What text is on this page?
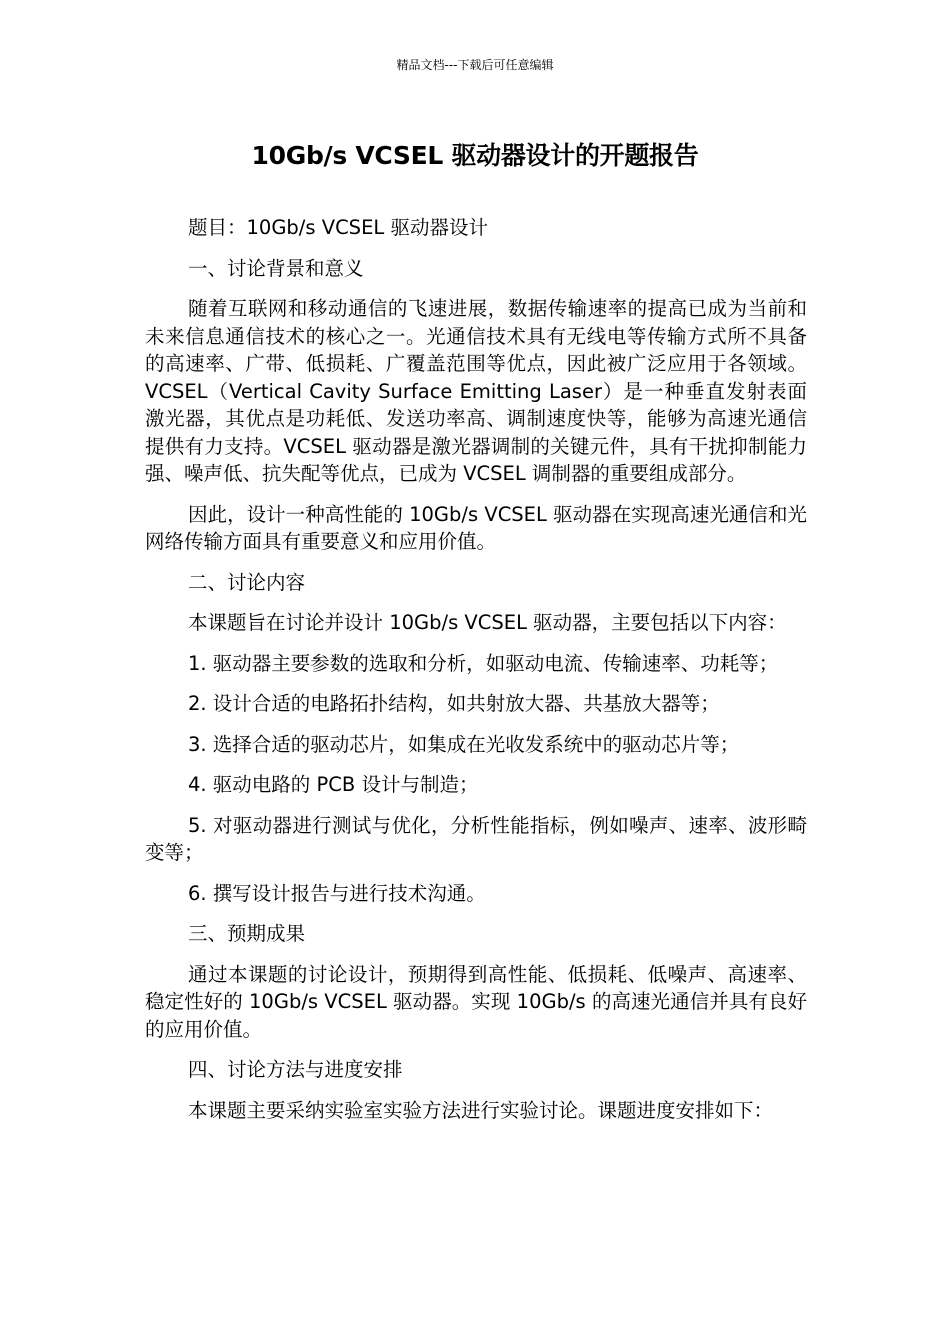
精品文档---下载后可任意编辑
10Gb/s VCSEL 驱动器设计的开题报告

题目：10Gb/s VCSEL 驱动器设计

一、讨论背景和意义

随着互联网和移动通信的飞速进展，数据传输速率的提高已成为当前和未来信息通信技术的核心之一。光通信技术具有无线电等传输方式所不具备的高速率、广带、低损耗、广覆盖范围等优点，因此被广泛应用于各领域。VCSEL（Vertical Cavity Surface Emitting Laser）是一种垂直发射表面激光器，其优点是功耗低、发送功率高、调制速度快等，能够为高速光通信提供有力支持。VCSEL 驱动器是激光器调制的关键元件，具有干扰抑制能力强、噪声低、抗失配等优点，已成为 VCSEL 调制器的重要组成部分。

因此，设计一种高性能的 10Gb/s VCSEL 驱动器在实现高速光通信和光网络传输方面具有重要意义和应用价值。

二、讨论内容

本课题旨在讨论并设计 10Gb/s VCSEL 驱动器，主要包括以下内容：

1. 驱动器主要参数的选取和分析，如驱动电流、传输速率、功耗等；

2. 设计合适的电路拓扑结构，如共射放大器、共基放大器等；

3. 选择合适的驱动芯片，如集成在光收发系统中的驱动芯片等；

4. 驱动电路的 PCB 设计与制造；

5. 对驱动器进行测试与优化，分析性能指标，例如噪声、速率、波形畸变等；

6. 撰写设计报告与进行技术沟通。

三、预期成果

通过本课题的讨论设计，预期得到高性能、低损耗、低噪声、高速率、稳定性好的 10Gb/s VCSEL 驱动器。实现 10Gb/s 的高速光通信并具有良好的应用价值。

四、讨论方法与进度安排

本课题主要采纳实验室实验方法进行实验讨论。课题进度安排如下：
